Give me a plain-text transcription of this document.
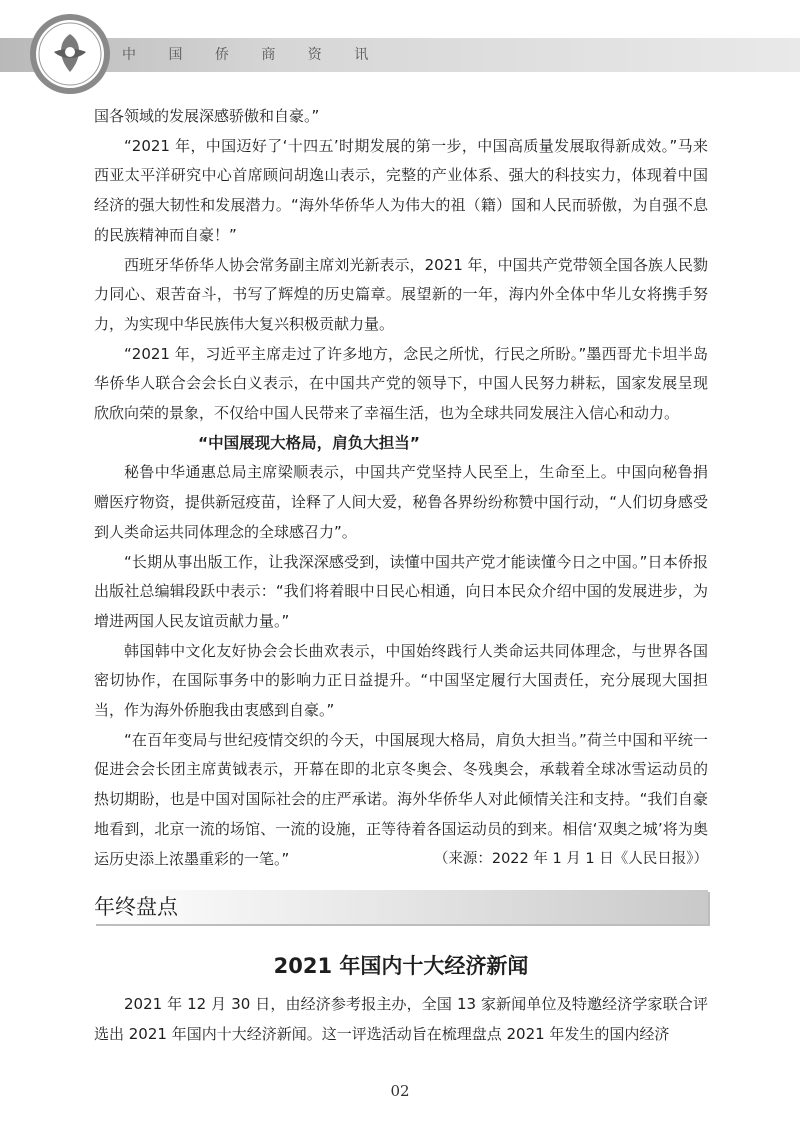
中 国 侨 商 资 讯

国各领域的发展深感骄傲和自豪。”

“2021 年，中国迈好了‘十四五’时期发展的第一步，中国高质量发展取得新成效。”马来西亚太平洋研究中心首席顾问胡逸山表示，完整的产业体系、强大的科技实力，体现着中国经济的强大韧性和发展潜力。“海外华侨华人为伟大的祖（籍）国和人民而骄傲，为自强不息的民族精神而自豪！”

西班牙华侨华人协会常务副主席刘光新表示，2021 年，中国共产党带领全国各族人民勠力同心、艰苦奋斗，书写了辉煌的历史篇章。展望新的一年，海内外全体中华儿女将携手努力，为实现中华民族伟大复兴积极贡献力量。

“2021 年，习近平主席走过了许多地方，念民之所忧，行民之所盼。”墨西哥尤卡坦半岛华侨华人联合会会长白义表示，在中国共产党的领导下，中国人民努力耕耘，国家发展呈现欣欣向荣的景象，不仅给中国人民带来了幸福生活，也为全球共同发展注入信心和动力。

“中国展现大格局，肩负大担当”

秘鲁中华通惠总局主席梁顺表示，中国共产党坚持人民至上，生命至上。中国向秘鲁捐赠医疗物资，提供新冠疫苗，诠释了人间大爱，秘鲁各界纷纷称赞中国行动，“人们切身感受到人类命运共同体理念的全球感召力”。

“长期从事出版工作，让我深深感受到，读懂中国共产党才能读懂今日之中国。”日本侨报出版社总编辑段跃中表示：“我们将着眼中日民心相通，向日本民众介绍中国的发展进步，为增进两国人民友谊贡献力量。”

韩国韩中文化友好协会会长曲欢表示，中国始终践行人类命运共同体理念，与世界各国密切协作，在国际事务中的影响力正日益提升。“中国坚定履行大国责任，充分展现大国担当，作为海外侨胞我由衷感到自豪。”

“在百年变局与世纪疫情交织的今天，中国展现大格局，肩负大担当。”荷兰中国和平统一促进会会长团主席黄钺表示，开幕在即的北京冬奥会、冬残奥会，承载着全球冰雪运动员的热切期盼，也是中国对国际社会的庄严承诺。海外华侨华人对此倾情关注和支持。“我们自豪地看到，北京一流的场馆、一流的设施，正等待着各国运动员的到来。相信‘双奥之城’将为奥运历史添上浓墨重彩的一笔。”	（来源：2022 年 1 月 1 日《人民日报》）

年终盘点
2021 年国内十大经济新闻

2021 年 12 月 30 日，由经济参考报主办，全国 13 家新闻单位及特邀经济学家联合评选出 2021 年国内十大经济新闻。这一评选活动旨在梳理盘点 2021 年发生的国内经济

02
